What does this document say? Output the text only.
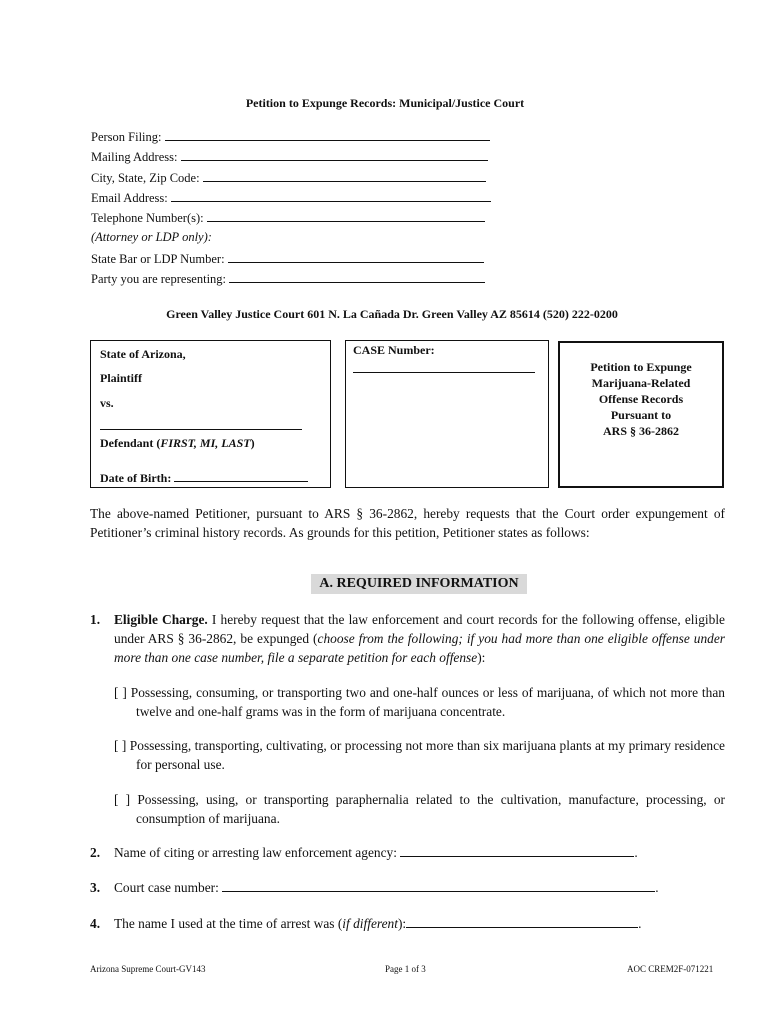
Petition to Expunge Records: Municipal/Justice Court
Person Filing:
Mailing Address:
City, State, Zip Code:
Email Address:
Telephone Number(s):
(Attorney or LDP only):
State Bar or LDP Number:
Party you are representing:
Green Valley Justice Court 601 N. La Cañada Dr. Green Valley AZ 85614 (520) 222-0200
State of Arizona,
Plaintiff
vs.
Defendant (FIRST, MI, LAST)
Date of Birth:
CASE Number:
Petition to Expunge
Marijuana-Related
Offense Records
Pursuant to
ARS § 36-2862
The above-named Petitioner, pursuant to ARS § 36-2862, hereby requests that the Court order expungement of Petitioner’s criminal history records. As grounds for this petition, Petitioner states as follows:
A. REQUIRED INFORMATION
1. Eligible Charge. I hereby request that the law enforcement and court records for the following offense, eligible under ARS § 36-2862, be expunged (choose from the following; if you had more than one eligible offense under more than one case number, file a separate petition for each offense):
[ ] Possessing, consuming, or transporting two and one-half ounces or less of marijuana, of which not more than twelve and one-half grams was in the form of marijuana concentrate.
[ ] Possessing, transporting, cultivating, or processing not more than six marijuana plants at my primary residence for personal use.
[ ] Possessing, using, or transporting paraphernalia related to the cultivation, manufacture, processing, or consumption of marijuana.
2. Name of citing or arresting law enforcement agency:	.
3. Court case number:	.
4. The name I used at the time of arrest was (if different):	.
Arizona Supreme Court-GV143	Page 1 of 3	AOC CREM2F-071221
